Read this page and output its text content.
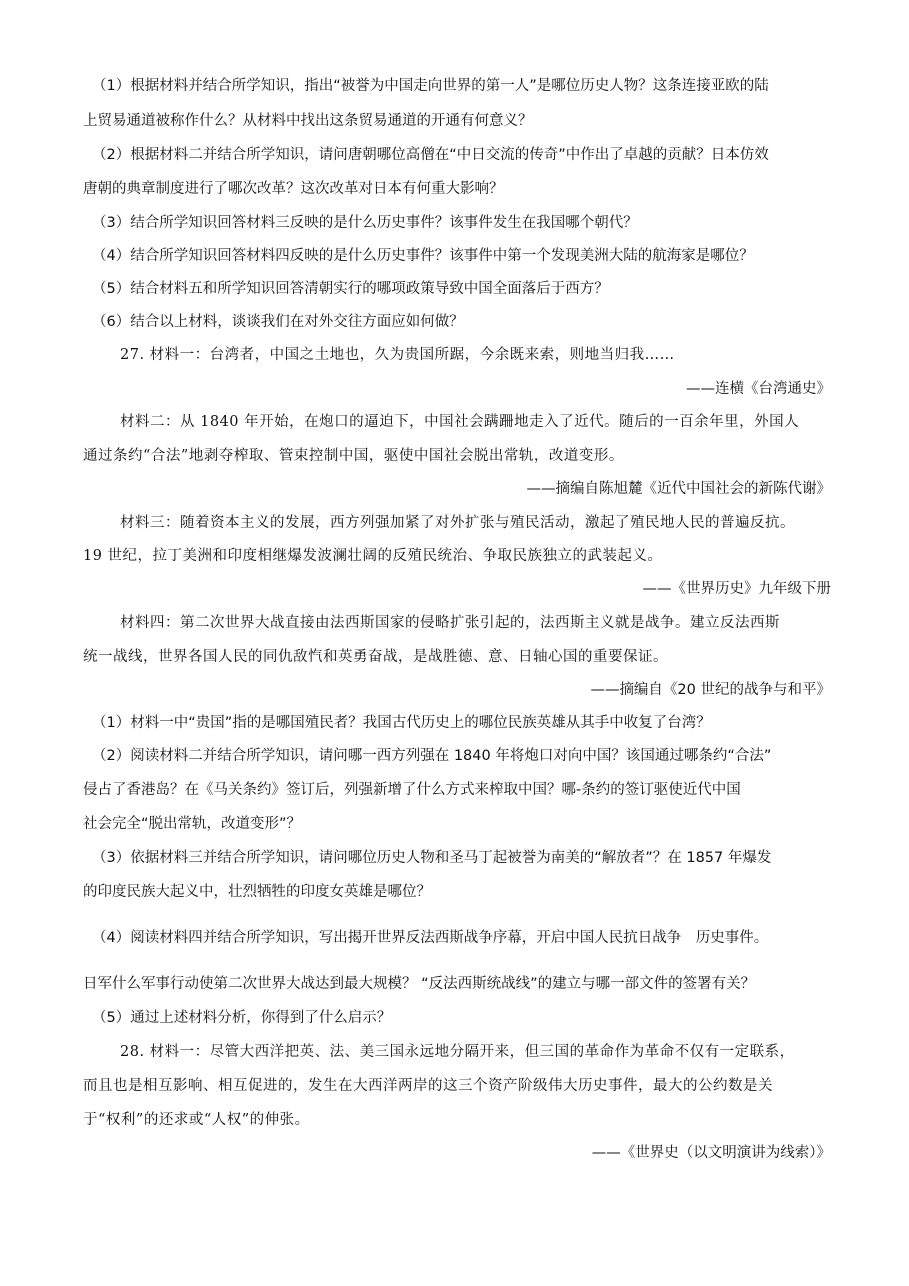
（1）根据材料并结合所学知识，指出“被誉为中国走向世界的第一人”是哪位历史人物？这条连接亚欧的陆
上贸易通道被称作什么？从材料中找出这条贸易通道的开通有何意义？
（2）根据材料二并结合所学知识，请问唐朝哪位高僧在“中日交流的传奇”中作出了卓越的贡献？日本仿效
唐朝的典章制度进行了哪次改革？这次改革对日本有何重大影响？
（3）结合所学知识回答材料三反映的是什么历史事件？该事件发生在我国哪个朝代？
（4）结合所学知识回答材料四反映的是什么历史事件？该事件中第一个发现美洲大陆的航海家是哪位？
（5）结合材料五和所学知识回答清朝实行的哪项政策导致中国全面落后于西方？
（6）结合以上材料，谈谈我们在对外交往方面应如何做？
27. 材料一：台湾者，中国之土地也，久为贵国所踞，今余既来索，则地当归我……
——连横《台湾通史》
材料二：从 1840 年开始，在炮口的逼迫下，中国社会蹒跚地走入了近代。随后的一百余年里，外国人
通过条约“合法”地剥夺榨取、管束控制中国，驱使中国社会脱出常轨，改道变形。
——摘编自陈旭麓《近代中国社会的新陈代谢》
材料三：随着资本主义的发展，西方列强加紧了对外扩张与殖民活动，激起了殖民地人民的普遍反抗。
19 世纪，拉丁美洲和印度相继爆发波澜壮阔的反殖民统治、争取民族独立的武装起义。
——《世界历史》九年级下册
材料四：第二次世界大战直接由法西斯国家的侵略扩张引起的，法西斯主义就是战争。建立反法西斯
统一战线，世界各国人民的同仇敌忾和英勇奋战，是战胜德、意、日轴心国的重要保证。
——摘编自《20 世纪的战争与和平》
（1）材料一中“贵国”指的是哪国殖民者？我国古代历史上的哪位民族英雄从其手中收复了台湾？
（2）阅读材料二并结合所学知识，请问哪一西方列强在 1840 年将炮口对向中国？该国通过哪条约“合法”
侵占了香港岛？在《马关条约》签订后，列强新增了什么方式来榨取中国？哪-条约的签订驱使近代中国
社会完全“脱出常轨，改道变形”？
（3）依据材料三并结合所学知识，请问哪位历史人物和圣马丁起被誉为南美的“解放者”？在 1857 年爆发
的印度民族大起义中，壮烈牺牲的印度女英雄是哪位？
（4）阅读材料四并结合所学知识，写出揭开世界反法西斯战争序幕，开启中国人民抗日战争　历史事件。
日军什么军事行动使第二次世界大战达到最大规模？ “反法西斯统战线”的建立与哪一部文件的签署有关？
（5）通过上述材料分析，你得到了什么启示？
28. 材料一：尽管大西洋把英、法、美三国永远地分隔开来，但三国的革命作为革命不仅有一定联系，
而且也是相互影响、相互促进的，发生在大西洋两岸的这三个资产阶级伟大历史事件，最大的公约数是关
于“权利”的还求或“人权”的伸张。
——《世界史（以文明演讲为线索）》
